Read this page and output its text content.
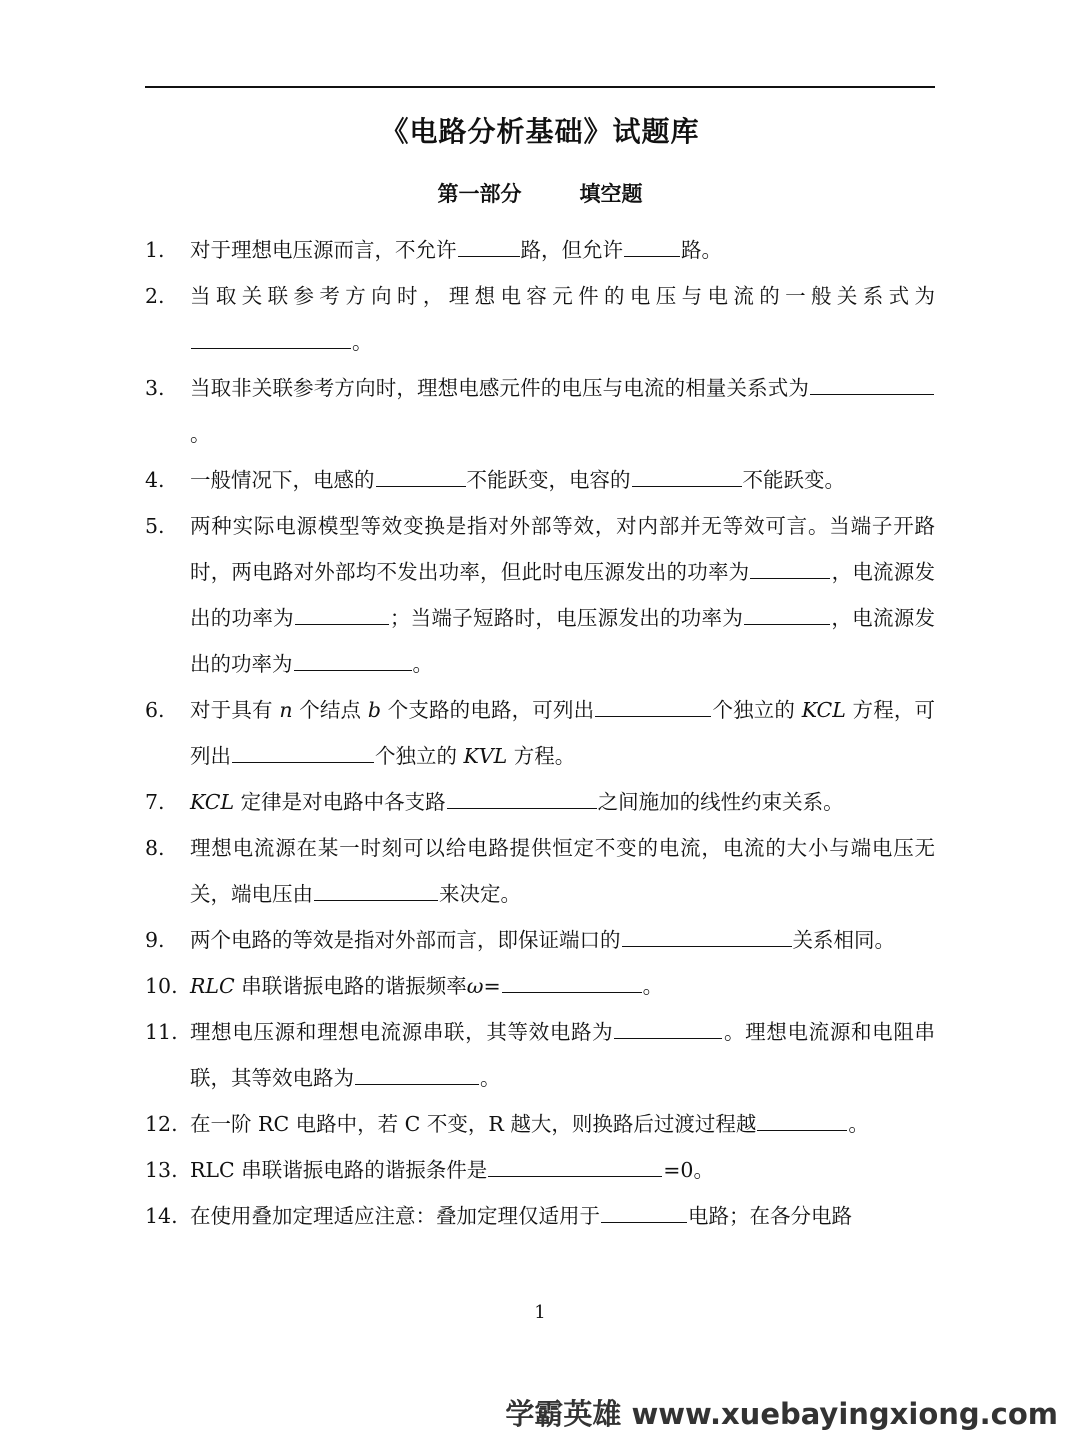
《电路分析基础》试题库
第一部分	填空题
1. 对于理想电压源而言，不允许	路，但允许	路。
2. 当取关联参考方向时，理想电容元件的电压与电流的一般关系式为。
3. 当取非关联参考方向时，理想电感元件的电压与电流的相量关系式为。
4. 一般情况下，电感的	不能跃变，电容的	不能跃变。
5. 两种实际电源模型等效变换是指对外部等效，对内部并无等效可言。当端子开路时，两电路对外部均不发出功率，但此时电压源发出的功率为	，电流源发出的功率为	；当端子短路时，电压源发出的功率为	，电流源发出的功率为	。
6. 对于具有 n 个结点 b 个支路的电路，可列出	个独立的 KCL 方程，可列出	个独立的 KVL 方程。
7. KCL 定律是对电路中各支路	之间施加的线性约束关系。
8. 理想电流源在某一时刻可以给电路提供恒定不变的电流，电流的大小与端电压无关，端电压由	来决定。
9. 两个电路的等效是指对外部而言，即保证端口的	关系相同。
10. RLC 串联谐振电路的谐振频率ω=	。
11. 理想电压源和理想电流源串联，其等效电路为	。理想电流源和电阻串联，其等效电路为	。
12. 在一阶 RC 电路中，若 C 不变，R 越大，则换路后过渡过程越	。
13. RLC 串联谐振电路的谐振条件是	=0。
14. 在使用叠加定理适应注意：叠加定理仅适用于	电路；在各分电路
1
学霸英雄 www.xuebayingxiong.com
